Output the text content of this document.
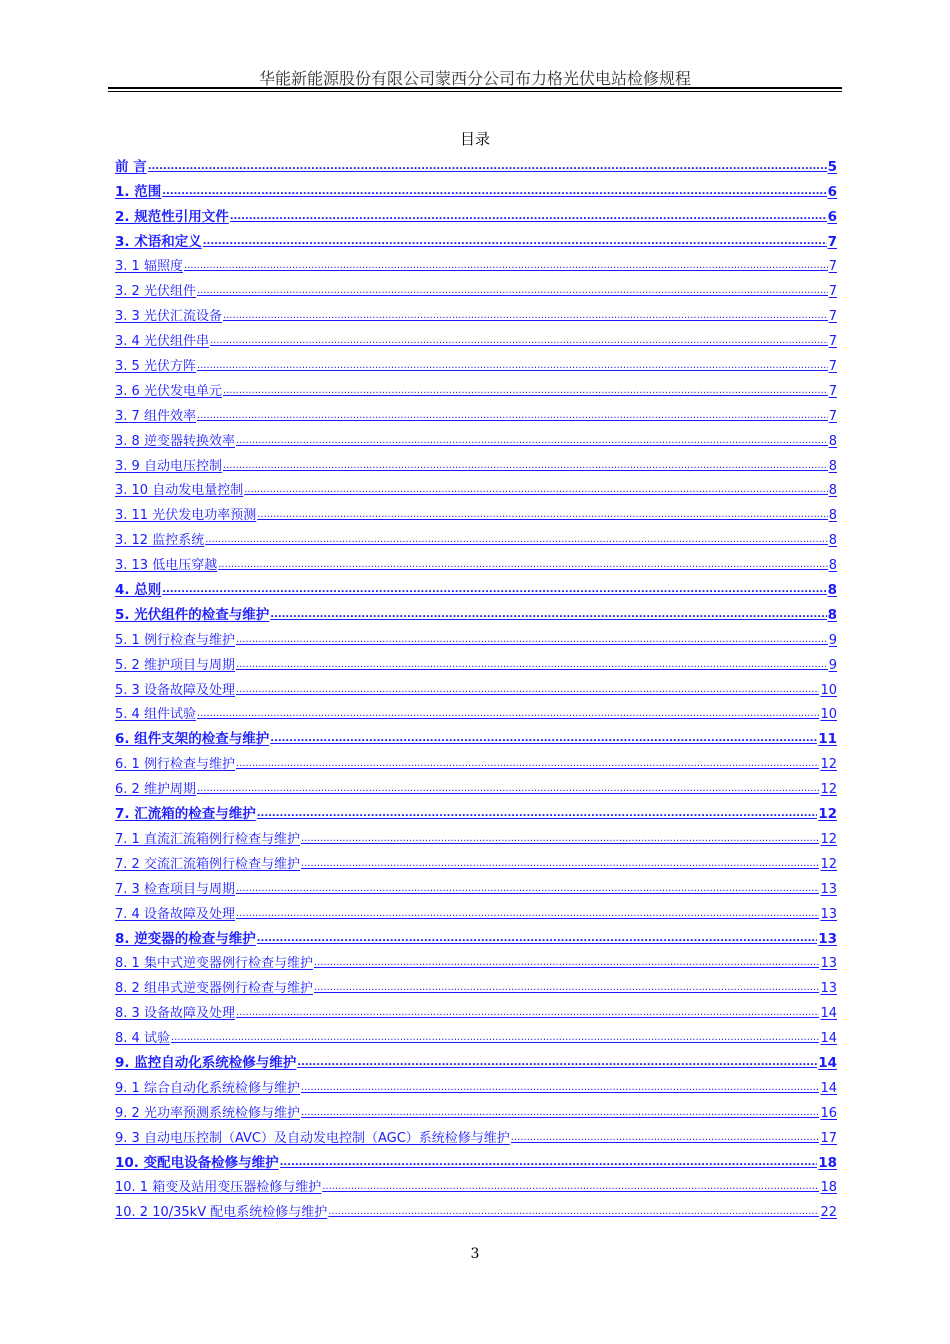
华能新能源股份有限公司蒙西分公司布力格光伏电站检修规程
目录
前 言 .....	5
1. 范围 .....	6
2. 规范性引用文件 .....	6
3. 术语和定义 .....	7
3. 1 辐照度 .....	7
3. 2 光伏组件 .....	7
3. 3 光伏汇流设备 .....	7
3. 4 光伏组件串 .....	7
3. 5 光伏方阵 .....	7
3. 6 光伏发电单元 .....	7
3. 7 组件效率 .....	7
3. 8 逆变器转换效率 .....	8
3. 9 自动电压控制 .....	8
3. 10 自动发电量控制 .....	8
3. 11 光伏发电功率预测 .....	8
3. 12 监控系统 .....	8
3. 13 低电压穿越 .....	8
4. 总则 .....	8
5. 光伏组件的检查与维护 .....	8
5. 1 例行检查与维护 .....	9
5. 2 维护项目与周期 .....	9
5. 3 设备故障及处理 .....	10
5. 4 组件试验 .....	10
6. 组件支架的检查与维护 .....	11
6. 1 例行检查与维护 .....	12
6. 2 维护周期 .....	12
7. 汇流箱的检查与维护 .....	12
7. 1 直流汇流箱例行检查与维护 .....	12
7. 2 交流汇流箱例行检查与维护 .....	12
7. 3 检查项目与周期 .....	13
7. 4 设备故障及处理 .....	13
8. 逆变器的检查与维护 .....	13
8. 1 集中式逆变器例行检查与维护 .....	13
8. 2 组串式逆变器例行检查与维护 .....	13
8. 3 设备故障及处理 .....	14
8. 4 试验 .....	14
9. 监控自动化系统检修与维护 .....	14
9. 1 综合自动化系统检修与维护 .....	14
9. 2 光功率预测系统检修与维护 .....	16
9. 3 自动电压控制（AVC）及自动发电控制（AGC）系统检修与维护 .....	17
10. 变配电设备检修与维护 .....	18
10. 1 箱变及站用变压器检修与维护 .....	18
10. 2 10/35kV 配电系统检修与维护 .....	22
3
